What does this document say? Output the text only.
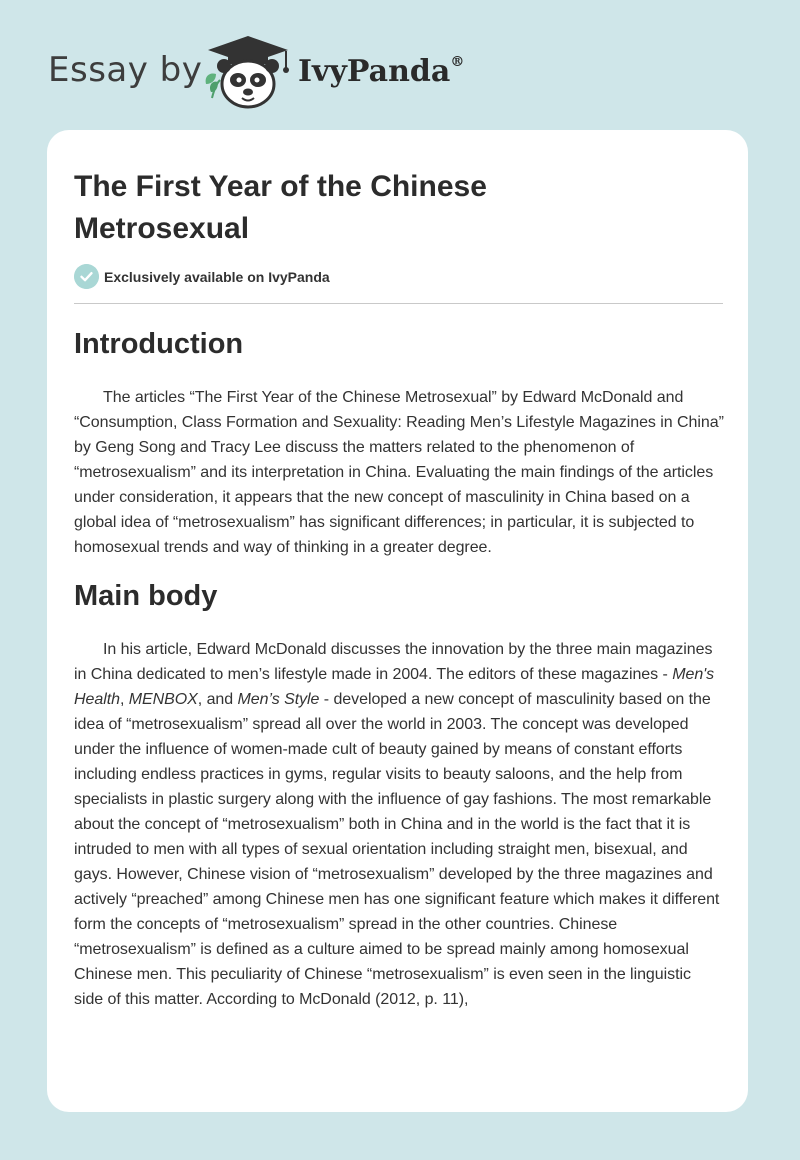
Essay by	IvyPanda®
The First Year of the Chinese Metrosexual
Exclusively available on IvyPanda
Introduction

The articles “The First Year of the Chinese Metrosexual” by Edward McDonald and “Consumption, Class Formation and Sexuality: Reading Men’s Lifestyle Magazines in China” by Geng Song and Tracy Lee discuss the matters related to the phenomenon of “metrosexualism” and its interpretation in China. Evaluating the main findings of the articles under consideration, it appears that the new concept of masculinity in China based on a global idea of “metrosexualism” has significant differences; in particular, it is subjected to homosexual trends and way of thinking in a greater degree.

Main body

In his article, Edward McDonald discusses the innovation by the three main magazines in China dedicated to men’s lifestyle made in 2004. The editors of these magazines - Men's Health, MENBOX, and Men’s Style - developed a new concept of masculinity based on the idea of “metrosexualism” spread all over the world in 2003. The concept was developed under the influence of women-made cult of beauty gained by means of constant efforts including endless practices in gyms, regular visits to beauty saloons, and the help from specialists in plastic surgery along with the influence of gay fashions. The most remarkable about the concept of “metrosexualism” both in China and in the world is the fact that it is intruded to men with all types of sexual orientation including straight men, bisexual, and gays. However, Chinese vision of “metrosexualism” developed by the three magazines and actively “preached” among Chinese men has one significant feature which makes it different form the concepts of “metrosexualism” spread in the other countries. Chinese “metrosexualism” is defined as a culture aimed to be spread mainly among homosexual Chinese men. This peculiarity of Chinese “metrosexualism” is even seen in the linguistic side of this matter. According to McDonald (2012, p. 11),
